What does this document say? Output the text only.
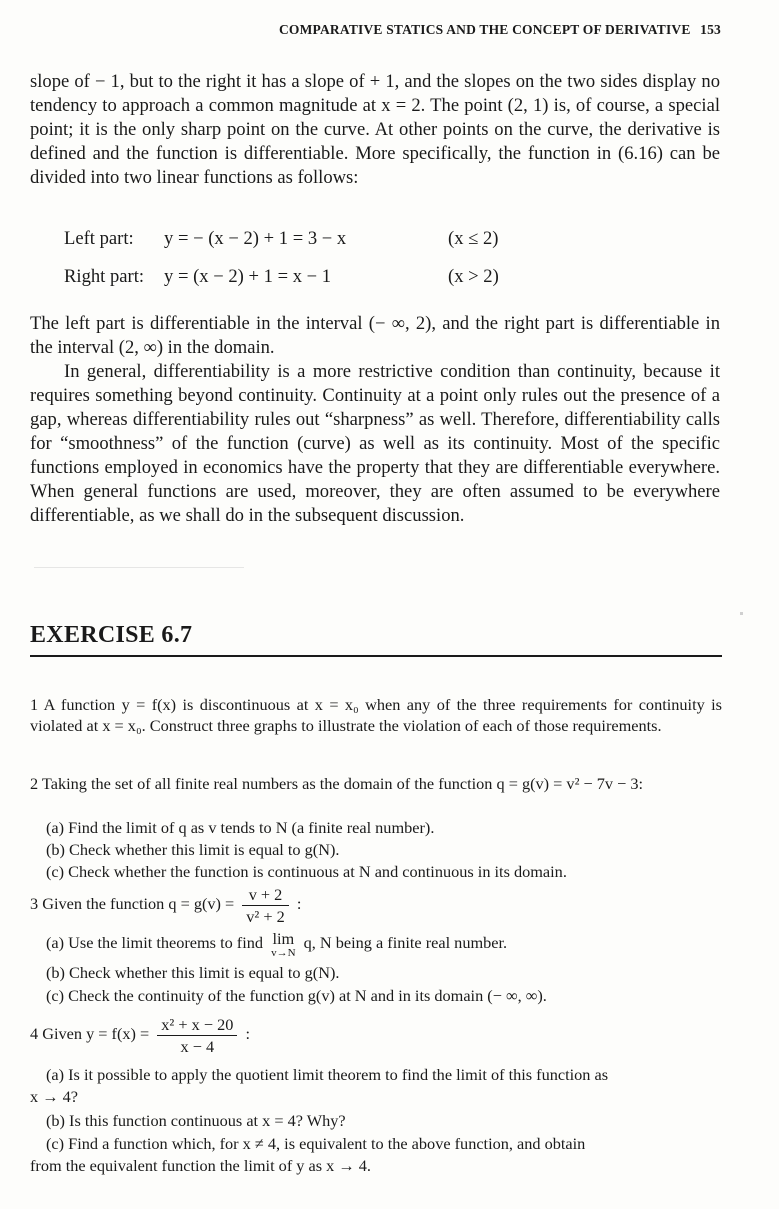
COMPARATIVE STATICS AND THE CONCEPT OF DERIVATIVE 153
slope of − 1, but to the right it has a slope of + 1, and the slopes on the two sides display no tendency to approach a common magnitude at x = 2. The point (2, 1) is, of course, a special point; it is the only sharp point on the curve. At other points on the curve, the derivative is defined and the function is differentiable. More specifically, the function in (6.16) can be divided into two linear functions as follows:
Left part: y = − (x − 2) + 1 = 3 − x	(x ≤ 2)
Right part: y = (x − 2) + 1 = x − 1	(x > 2)
The left part is differentiable in the interval (− ∞, 2), and the right part is differentiable in the interval (2, ∞) in the domain.
In general, differentiability is a more restrictive condition than continuity, because it requires something beyond continuity. Continuity at a point only rules out the presence of a gap, whereas differentiability rules out “sharpness” as well. Therefore, differentiability calls for “smoothness” of the function (curve) as well as its continuity. Most of the specific functions employed in economics have the property that they are differentiable everywhere. When general functions are used, moreover, they are often assumed to be everywhere differentiable, as we shall do in the subsequent discussion.
EXERCISE 6.7
1 A function y = f(x) is discontinuous at x = x₀ when any of the three requirements for continuity is violated at x = x₀. Construct three graphs to illustrate the violation of each of those requirements.
2 Taking the set of all finite real numbers as the domain of the function q = g(v) = v² − 7v − 3:
(a) Find the limit of q as v tends to N (a finite real number).
(b) Check whether this limit is equal to g(N).
(c) Check whether the function is continuous at N and continuous in its domain.
3 Given the function $q = g(v) = \frac{v + 2}{\text{v² + 2}}$ :
(a) Use the limit theorems to find lim
v→N
q, N being a finite real number.
(b) Check whether this limit is equal to g(N).
(c) Check the continuity of the function g(v) at N and in its domain (− ∞, ∞).
4 Given $y = f(x) = \frac{\text{x² + x − 20}}{x - 4}$ :
(a) Is it possible to apply the quotient limit theorem to find the limit of this function as
x → 4?
(b) Is this function continuous at x = 4? Why?
(c) Find a function which, for x ≠ 4, is equivalent to the above function, and obtain
from the equivalent function the limit of y as x → 4.
